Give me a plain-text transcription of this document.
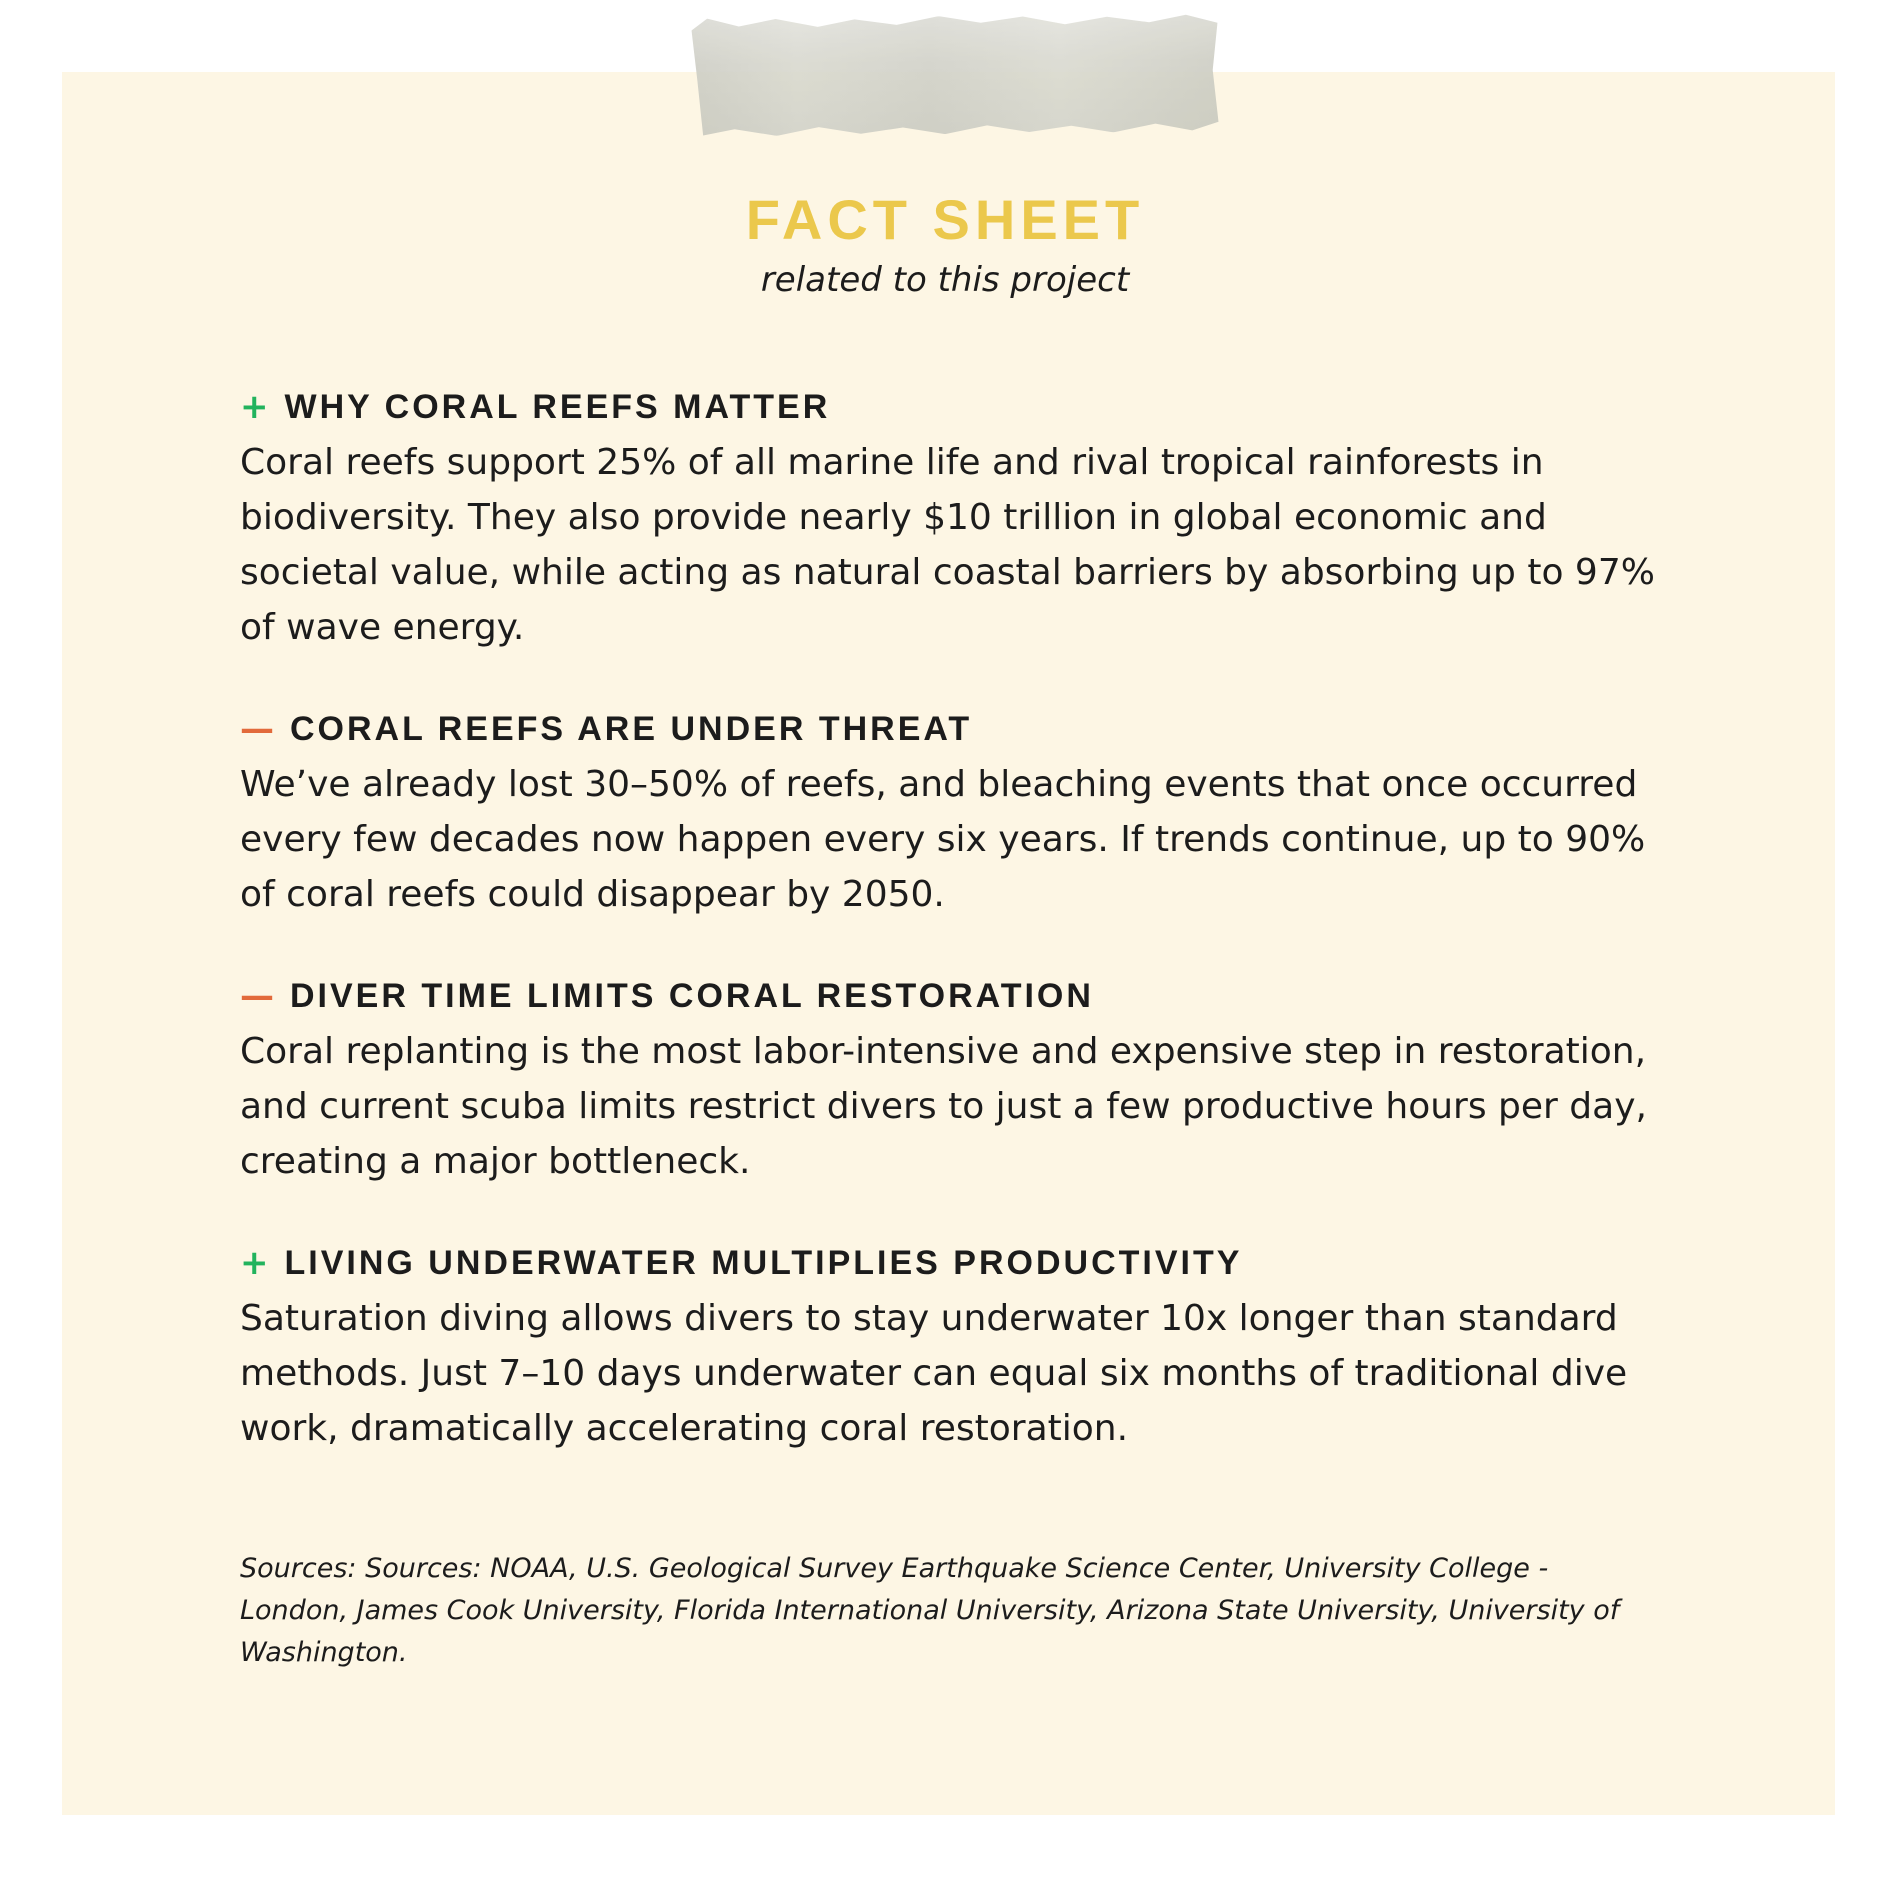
FACT SHEET
related to this project
+ WHY CORAL REEFS MATTER
Coral reefs support 25% of all marine life and rival tropical rainforests in biodiversity. They also provide nearly $10 trillion in global economic and societal value, while acting as natural coastal barriers by absorbing up to 97% of wave energy.
— CORAL REEFS ARE UNDER THREAT
We’ve already lost 30–50% of reefs, and bleaching events that once occurred every few decades now happen every six years. If trends continue, up to 90% of coral reefs could disappear by 2050.
— DIVER TIME LIMITS CORAL RESTORATION
Coral replanting is the most labor-intensive and expensive step in restoration, and current scuba limits restrict divers to just a few productive hours per day, creating a major bottleneck.
+ LIVING UNDERWATER MULTIPLIES PRODUCTIVITY
Saturation diving allows divers to stay underwater 10x longer than standard methods. Just 7–10 days underwater can equal six months of traditional dive work, dramatically accelerating coral restoration.
Sources: Sources: NOAA, U.S. Geological Survey Earthquake Science Center, University College - London, James Cook University, Florida International University, Arizona State University, University of Washington.
